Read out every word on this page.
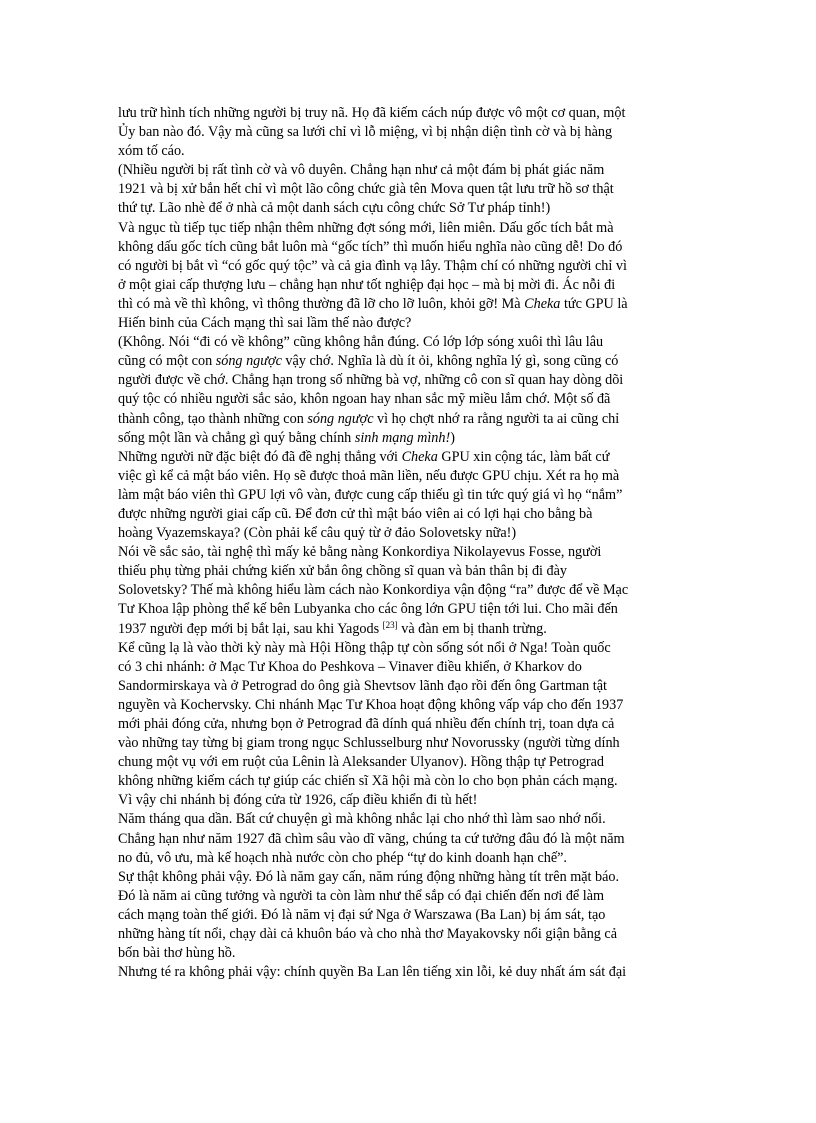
lưu trữ hình tích những người bị truy nã. Họ đã kiếm cách núp được vô một cơ quan, một
Ủy ban nào đó. Vậy mà cũng sa lưới chỉ vì lỗ miệng, vì bị nhận diện tình cờ và bị hàng
xóm tố cáo.
(Nhiều người bị rất tình cờ và vô duyên. Chẳng hạn như cả một đám bị phát giác năm
1921 và bị xử bắn hết chỉ vì một lão công chức già tên Mova quen tật lưu trữ hồ sơ thật
thứ tự. Lão nhè để ở nhà cả một danh sách cựu công chức Sở Tư pháp tỉnh!)
Và ngục tù tiếp tục tiếp nhận thêm những đợt sóng mới, liên miên. Dấu gốc tích bắt mà
không dấu gốc tích cũng bắt luôn mà “gốc tích” thì muốn hiểu nghĩa nào cũng dễ! Do đó
có người bị bắt vì “có gốc quý tộc” và cả gia đình vạ lây. Thậm chí có những người chỉ vì
ở một giai cấp thượng lưu – chẳng hạn như tốt nghiệp đại học – mà bị mời đi. Ác nỗi đi
thì có mà về thì không, vì thông thường đã lỡ cho lỡ luôn, khỏi gỡ! Mà Cheka tức GPU là
Hiến binh của Cách mạng thì sai lầm thế nào được?
(Không. Nói “đi có về không” cũng không hẳn đúng. Có lớp lớp sóng xuôi thì lâu lâu
cũng có một con sóng ngược vậy chớ. Nghĩa là dù ít ỏi, không nghĩa lý gì, song cũng có
người được về chớ. Chẳng hạn trong số những bà vợ, những cô con sĩ quan hay dòng dõi
quý tộc có nhiều người sắc sảo, khôn ngoan hay nhan sắc mỹ miều lắm chớ. Một số đã
thành công, tạo thành những con sóng ngược vì họ chợt nhớ ra rằng người ta ai cũng chỉ
sống một lần và chẳng gì quý bằng chính sinh mạng mình!)
Những người nữ đặc biệt đó đã đề nghị thẳng với Cheka GPU xin cộng tác, làm bất cứ
việc gì kể cả mật báo viên. Họ sẽ được thoả mãn liền, nếu được GPU chịu. Xét ra họ mà
làm mật báo viên thì GPU lợi vô vàn, được cung cấp thiếu gì tin tức quý giá vì họ “nắm”
được những người giai cấp cũ. Để đơn cử thì mật báo viên ai có lợi hại cho bằng bà
hoàng Vyazemskaya? (Còn phải kể câu quỷ từ ở đảo Solovetsky nữa!)
Nói về sắc sảo, tài nghệ thì mấy kẻ bằng nàng Konkordiya Nikolayevus Fosse, người
thiếu phụ từng phải chứng kiến xử bắn ông chồng sĩ quan và bản thân bị đi đày
Solovetsky? Thế mà không hiểu làm cách nào Konkordiya vận động “ra” được để về Mạc
Tư Khoa lập phòng thể kế bên Lubyanka cho các ông lớn GPU tiện tới lui. Cho mãi đến
1937 người đẹp mới bị bắt lại, sau khi Yagods [23] và đàn em bị thanh trừng.
Kể cũng lạ là vào thời kỳ này mà Hội Hồng thập tự còn sống sót nổi ở Nga! Toàn quốc
có 3 chi nhánh: ở Mạc Tư Khoa do Peshkova – Vinaver điều khiển, ở Kharkov do
Sandormirskaya và ở Petrograd do ông già Shevtsov lãnh đạo rồi đến ông Gartman tật
nguyền và Kochervsky. Chi nhánh Mạc Tư Khoa hoạt động không vấp váp cho đến 1937
mới phải đóng cửa, nhưng bọn ở Petrograd đã dính quá nhiều đến chính trị, toan dựa cả
vào những tay từng bị giam trong ngục Schlusselburg như Novorussky (người từng dính
chung một vụ với em ruột của Lênin là Aleksander Ulyanov). Hồng thập tự Petrograd
không những kiếm cách tự giúp các chiến sĩ Xã hội mà còn lo cho bọn phản cách mạng.
Vì vậy chi nhánh bị đóng cửa từ 1926, cấp điều khiển đi tù hết!
Năm tháng qua dần. Bất cứ chuyện gì mà không nhắc lại cho nhớ thì làm sao nhớ nổi.
Chẳng hạn như năm 1927 đã chìm sâu vào dĩ vãng, chúng ta cứ tưởng đâu đó là một năm
no đủ, vô ưu, mà kế hoạch nhà nước còn cho phép “tự do kinh doanh hạn chế”.
Sự thật không phải vậy. Đó là năm gay cấn, năm rúng động những hàng tít trên mặt báo.
Đó là năm ai cũng tưởng và người ta còn làm như thể sắp có đại chiến đến nơi để làm
cách mạng toàn thế giới. Đó là năm vị đại sứ Nga ở Warszawa (Ba Lan) bị ám sát, tạo
những hàng tít nổi, chạy dài cả khuôn báo và cho nhà thơ Mayakovsky nổi giận bằng cả
bốn bài thơ hùng hồ.
Nhưng té ra không phải vậy: chính quyền Ba Lan lên tiếng xin lỗi, kẻ duy nhất ám sát đại
